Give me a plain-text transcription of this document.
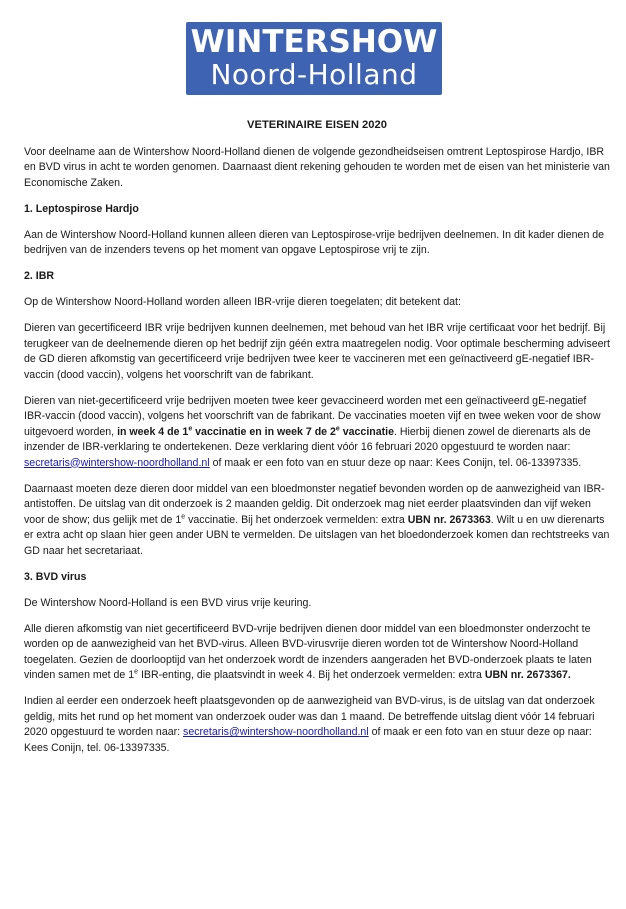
WINTERSHOW
Noord-Holland
VETERINAIRE EISEN 2020

Voor deelname aan de Wintershow Noord-Holland dienen de volgende gezondheidseisen omtrent Leptospirose Hardjo, IBR en BVD virus in acht te worden genomen. Daarnaast dient rekening gehouden te worden met de eisen van het ministerie van Economische Zaken.

1. Leptospirose Hardjo

Aan de Wintershow Noord-Holland kunnen alleen dieren van Leptospirose-vrije bedrijven deelnemen. In dit kader dienen de bedrijven van de inzenders tevens op het moment van opgave Leptospirose vrij te zijn.

2. IBR

Op de Wintershow Noord-Holland worden alleen IBR-vrije dieren toegelaten; dit betekent dat:

Dieren van gecertificeerd IBR vrije bedrijven kunnen deelnemen, met behoud van het IBR vrije certificaat voor het bedrijf. Bij terugkeer van de deelnemende dieren op het bedrijf zijn géén extra maatregelen nodig. Voor optimale bescherming adviseert de GD dieren afkomstig van gecertificeerd vrije bedrijven twee keer te vaccineren met een geïnactiveerd gE-negatief IBR-vaccin (dood vaccin), volgens het voorschrift van de fabrikant.

Dieren van niet-gecertificeerd vrije bedrijven moeten twee keer gevaccineerd worden met een geïnactiveerd gE-negatief IBR-vaccin (dood vaccin), volgens het voorschrift van de fabrikant. De vaccinaties moeten vijf en twee weken voor de show uitgevoerd worden, in week 4 de 1e vaccinatie en in week 7 de 2e vaccinatie. Hierbij dienen zowel de dierenarts als de inzender de IBR-verklaring te ondertekenen. Deze verklaring dient vóór 16 februari 2020 opgestuurd te worden naar: secretaris@wintershow-noordholland.nl of maak er een foto van en stuur deze op naar: Kees Conijn, tel. 06-13397335.

Daarnaast moeten deze dieren door middel van een bloedmonster negatief bevonden worden op de aanwezigheid van IBR-antistoffen. De uitslag van dit onderzoek is 2 maanden geldig. Dit onderzoek mag niet eerder plaatsvinden dan vijf weken voor de show; dus gelijk met de 1e vaccinatie. Bij het onderzoek vermelden: extra UBN nr. 2673363. Wilt u en uw dierenarts er extra acht op slaan hier geen ander UBN te vermelden. De uitslagen van het bloedonderzoek komen dan rechtstreeks van GD naar het secretariaat.

3. BVD virus

De Wintershow Noord-Holland is een BVD virus vrije keuring.

Alle dieren afkomstig van niet gecertificeerd BVD-vrije bedrijven dienen door middel van een bloedmonster onderzocht te worden op de aanwezigheid van het BVD-virus. Alleen BVD-virusvrije dieren worden tot de Wintershow Noord-Holland toegelaten. Gezien de doorlooptijd van het onderzoek wordt de inzenders aangeraden het BVD-onderzoek plaats te laten vinden samen met de 1e IBR-enting, die plaatsvindt in week 4. Bij het onderzoek vermelden: extra UBN nr. 2673367.

Indien al eerder een onderzoek heeft plaatsgevonden op de aanwezigheid van BVD-virus, is de uitslag van dat onderzoek geldig, mits het rund op het moment van onderzoek ouder was dan 1 maand. De betreffende uitslag dient vóór 14 februari 2020 opgestuurd te worden naar: secretaris@wintershow-noordholland.nl of maak er een foto van en stuur deze op naar: Kees Conijn, tel. 06-13397335.
